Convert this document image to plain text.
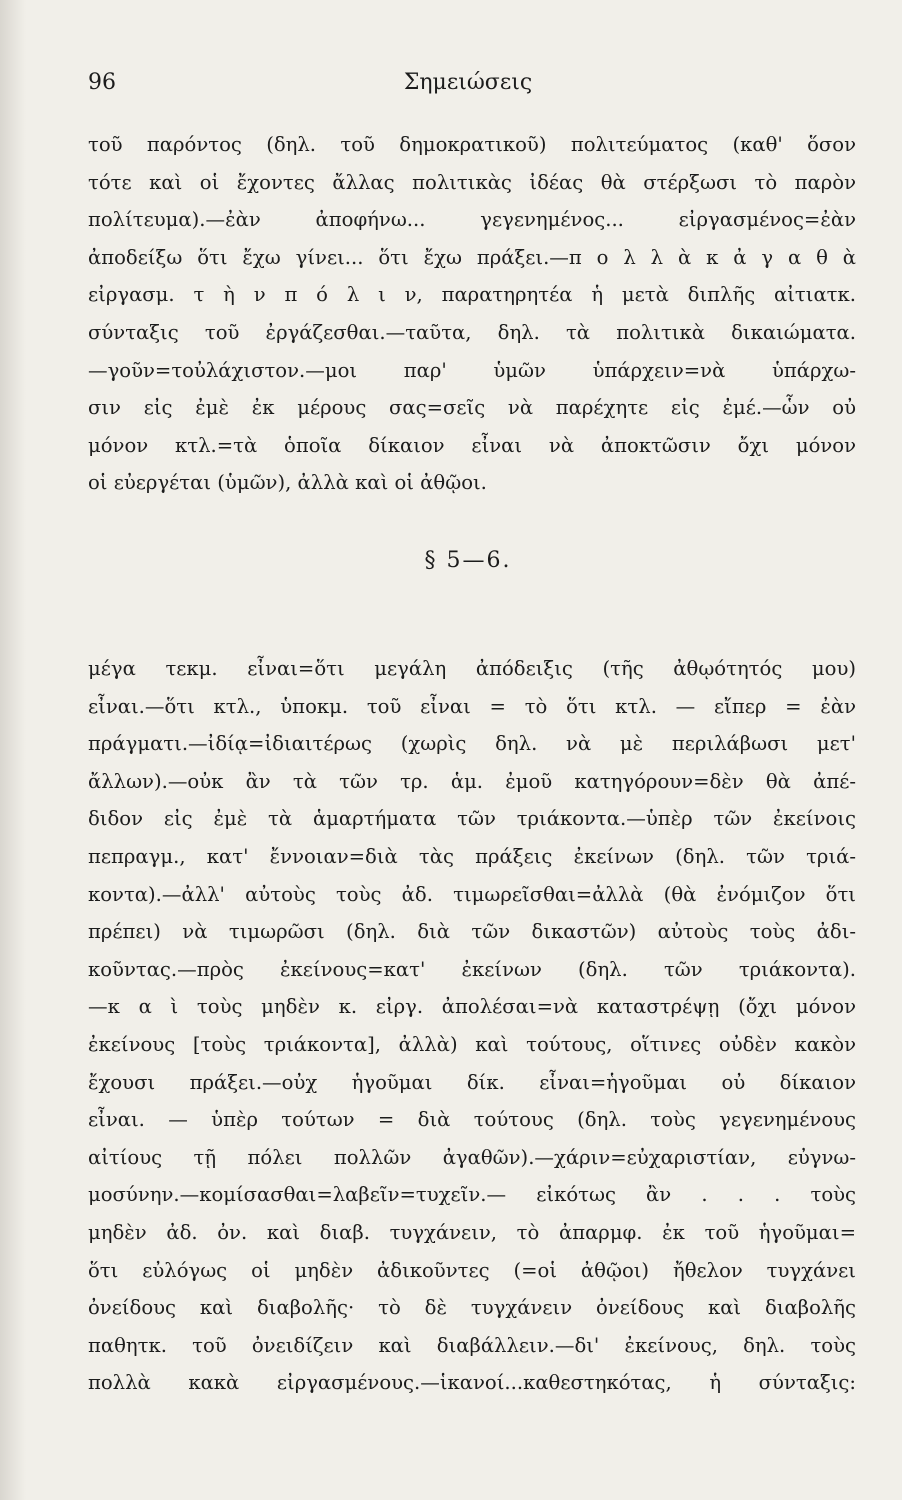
Σημειώσεις
96
τοῦ παρόντος (δηλ. τοῦ δημοκρατικοῦ) πολιτεύματος (καθ' ὅσον
τότε καὶ οἱ ἔχοντες ἄλλας πολιτικὰς ἰδέας θὰ στέρξωσι τὸ παρὸν
πολίτευμα).—ἐὰν ἀποφήνω... γεγενημένος... εἰργασμένος=ἐὰν
ἀποδείξω ὅτι ἔχω γίνει... ὅτι ἔχω πράξει.—π ο λ λ ὰ κ ἀ γ α θ ὰ
εἰργασμ. τ ὴ ν π ό λ ι ν, παρατηρητέα ἡ μετὰ διπλῆς αἰτιατκ.
σύνταξις τοῦ ἐργάζεσθαι.—ταῦτα, δηλ. τὰ πολιτικὰ δικαιώματα.
—γοῦν=τοὐλάχιστον.—μοι παρ' ὑμῶν ὑπάρχειν=νὰ ὑπάρχω-
σιν εἰς ἐμὲ ἐκ μέρους σας=σεῖς νὰ παρέχητε εἰς ἐμέ.—ὧν οὐ
μόνον κτλ.=τὰ ὁποῖα δίκαιον εἶναι νὰ ἀποκτῶσιν ὄχι μόνον
οἱ εὐεργέται (ὑμῶν), ἀλλὰ καὶ οἱ ἀθῷοι.
§ 5—6.
μέγα τεκμ. εἶναι=ὅτι μεγάλη ἀπόδειξις (τῆς ἀθῳότητός μου)
εἶναι.—ὅτι κτλ., ὑποκμ. τοῦ εἶναι = τὸ ὅτι κτλ. — εἴπερ = ἐὰν
πράγματι.—ἰδίᾳ=ἰδιαιτέρως (χωρὶς δηλ. νὰ μὲ περιλάβωσι μετ'
ἄλλων).—οὐκ ἂν τὰ τῶν τρ. ἁμ. ἐμοῦ κατηγόρουν=δὲν θὰ ἀπέ-
διδον εἰς ἐμὲ τὰ ἁμαρτήματα τῶν τριάκοντα.—ὑπὲρ τῶν ἐκείνοις
πεπραγμ., κατ' ἔννοιαν=διὰ τὰς πράξεις ἐκείνων (δηλ. τῶν τριά-
κοντα).—ἀλλ' αὐτοὺς τοὺς ἀδ. τιμωρεῖσθαι=ἀλλὰ (θὰ ἐνόμιζον ὅτι
πρέπει) νὰ τιμωρῶσι (δηλ. διὰ τῶν δικαστῶν) αὐτοὺς τοὺς ἀδι-
κοῦντας.—πρὸς ἐκείνους=κατ' ἐκείνων (δηλ. τῶν τριάκοντα).
—κ α ὶ τοὺς μηδὲν κ. εἰργ. ἀπολέσαι=νὰ καταστρέψῃ (ὄχι μόνον
ἐκείνους [τοὺς τριάκοντα], ἀλλὰ) καὶ τούτους, οἵτινες οὐδὲν κακὸν
ἔχουσι πράξει.—οὐχ ἡγοῦμαι δίκ. εἶναι=ἡγοῦμαι οὐ δίκαιον
εἶναι. — ὑπὲρ τούτων = διὰ τούτους (δηλ. τοὺς γεγενημένους
αἰτίους τῇ πόλει πολλῶν ἀγαθῶν).—χάριν=εὐχαριστίαν, εὐγνω-
μοσύνην.—κομίσασθαι=λαβεῖν=τυχεῖν.— εἰκότως ἂν . . . τοὺς
μηδὲν ἀδ. ὀν. καὶ διαβ. τυγχάνειν, τὸ ἀπαρμφ. ἐκ τοῦ ἡγοῦμαι=
ὅτι εὐλόγως οἱ μηδὲν ἀδικοῦντες (=οἱ ἀθῷοι) ἤθελον τυγχάνει
ὀνείδους καὶ διαβολῆς· τὸ δὲ τυγχάνειν ὀνείδους καὶ διαβολῆς
παθητκ. τοῦ ὀνειδίζειν καὶ διαβάλλειν.—δι' ἐκείνους, δηλ. τοὺς
πολλὰ κακὰ εἰργασμένους.—ἱκανοί...καθεστηκότας, ἡ σύνταξις:
